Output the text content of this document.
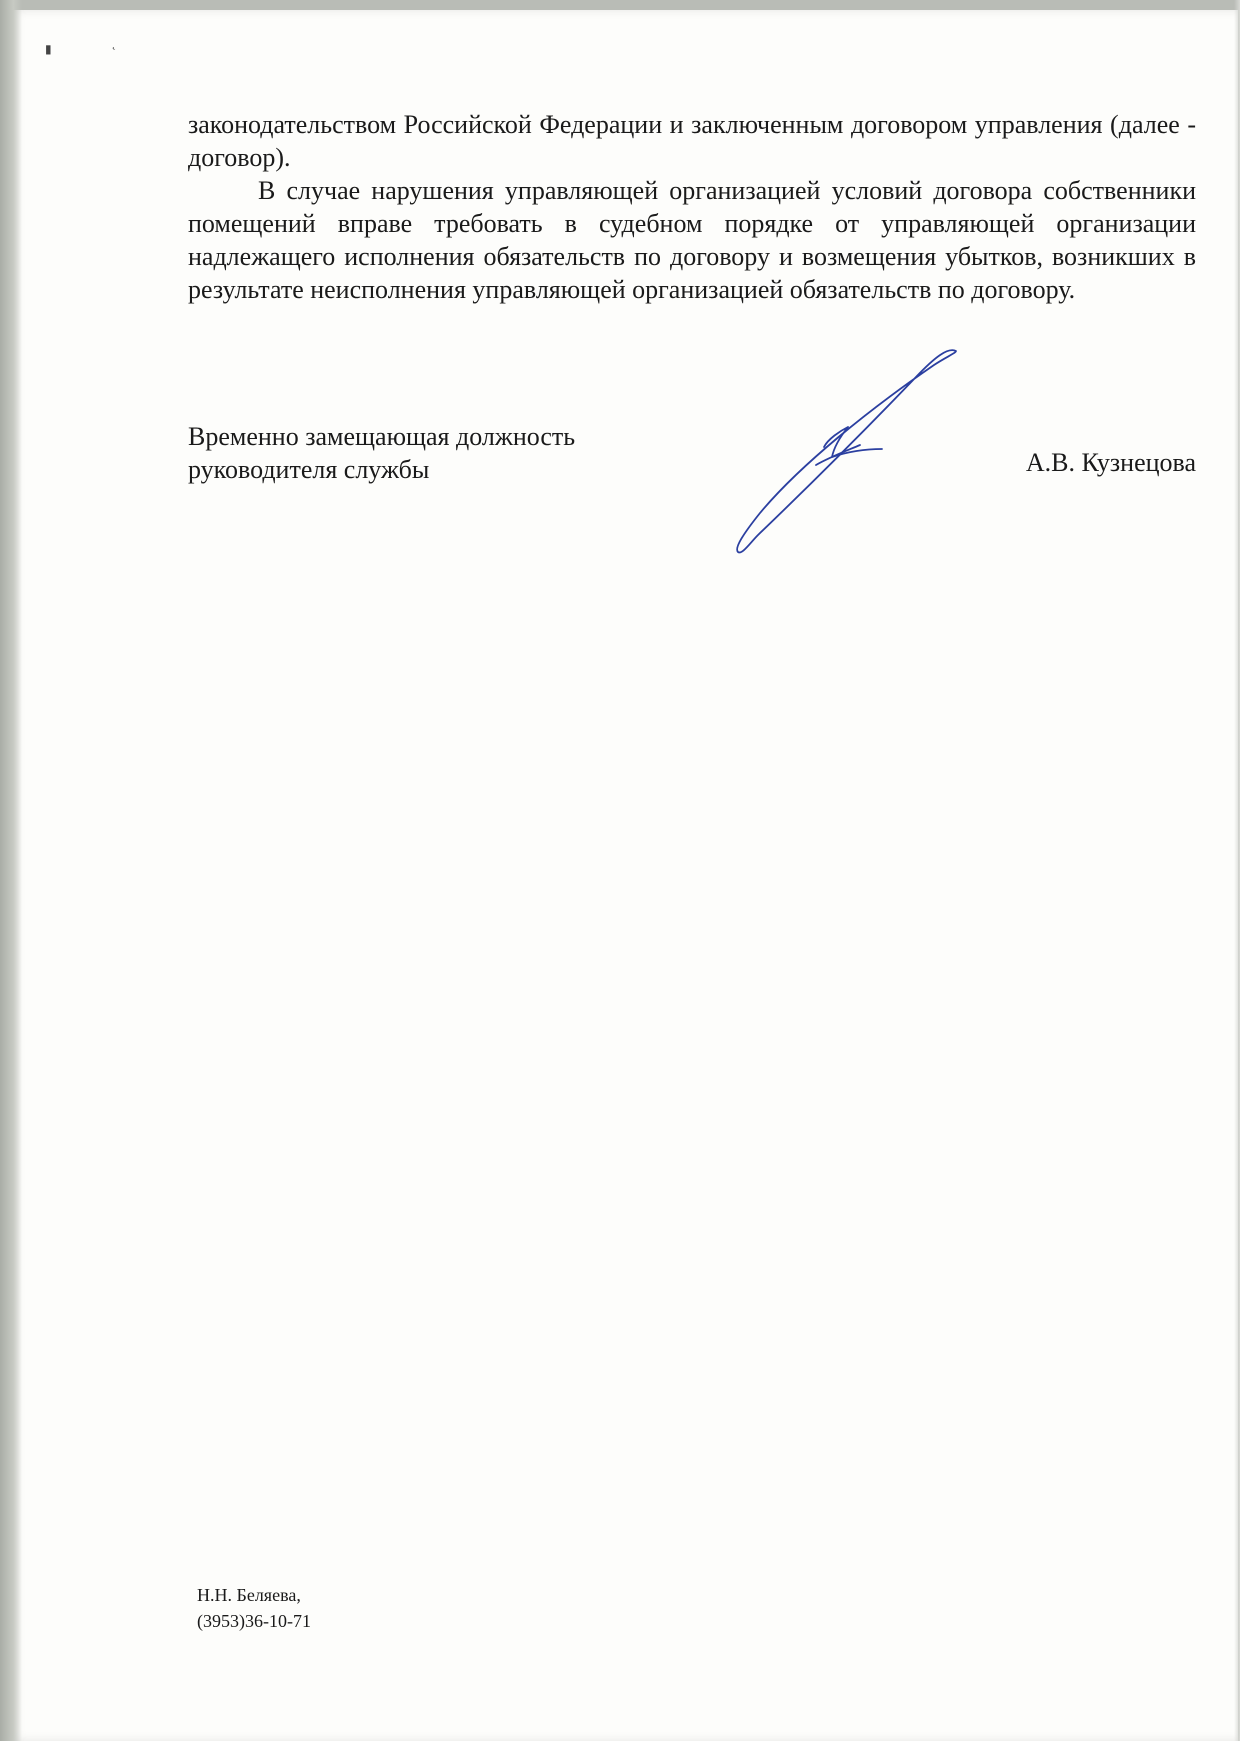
▮	˛

законодательством Российской Федерации и заключенным договором управления (далее - договор).

В случае нарушения управляющей организацией условий договора собственники помещений вправе требовать в судебном порядке от управляющей организации надлежащего исполнения обязательств по договору и возмещения убытков, возникших в результате неисполнения управляющей организацией обязательств по договору.

Временно замещающая должность
руководителя службы	А.В. Кузнецова
Н.Н. Беляева,
(3953)36-10-71
